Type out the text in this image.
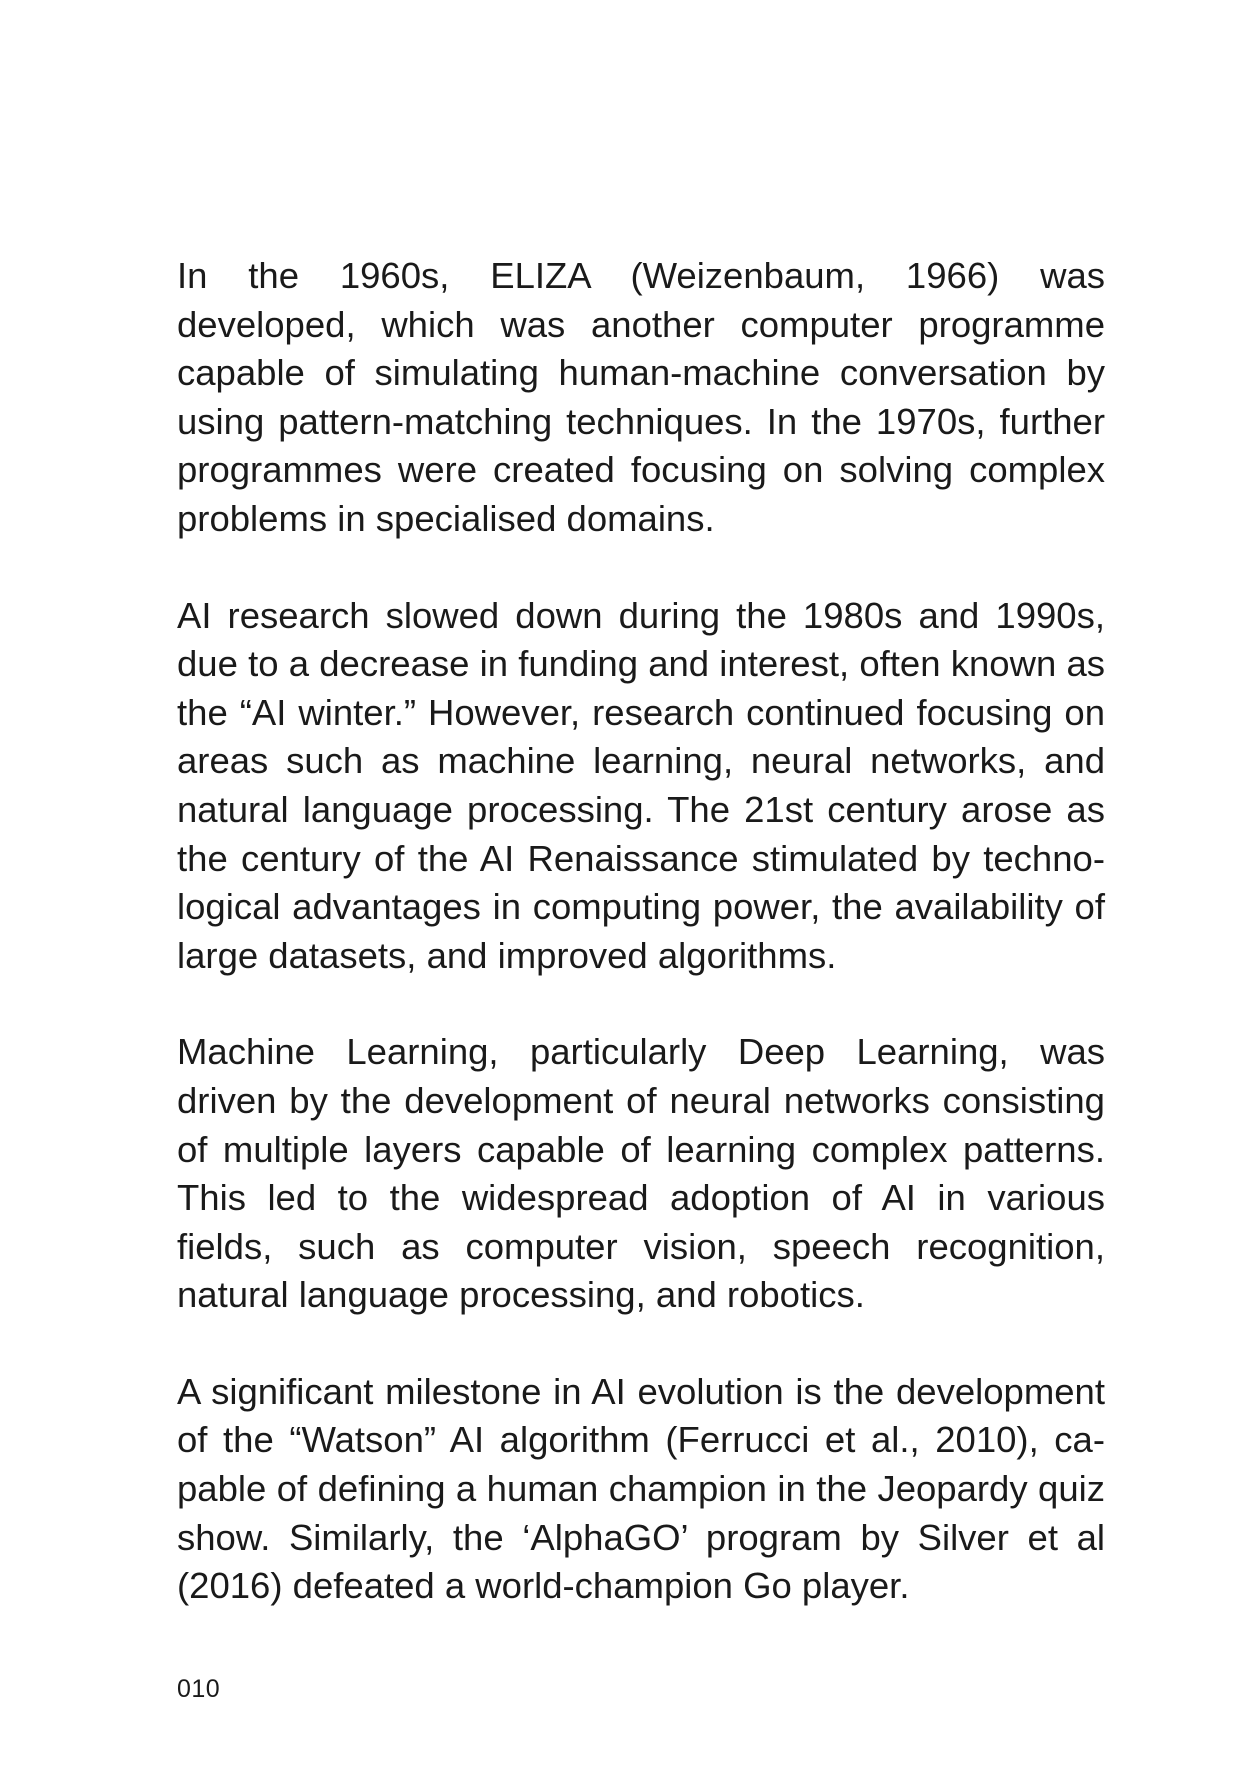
In the 1960s, ELIZA (Weizenbaum, 1966) was developed, which was another computer programme capable of simulating human-machine conversation by using pattern-matching techniques. In the 1970s, further programmes were created focusing on solving complex problems in specialised domains.

AI research slowed down during the 1980s and 1990s, due to a decrease in funding and interest, often known as the “AI winter.” However, research continued focusing on areas such as machine learning, neural networks, and natural language processing. The 21st century arose as the century of the AI Renaissance stimulated by technological advantages in computing power, the availability of large datasets, and improved algorithms.

Machine Learning, particularly Deep Learning, was driven by the development of neural networks consisting of multiple layers capable of learning complex patterns. This led to the widespread adoption of AI in various fields, such as computer vision, speech recognition, natural language processing, and robotics.

A significant milestone in AI evolution is the development of the “Watson” AI algorithm (Ferrucci et al., 2010), capable of defining a human champion in the Jeopardy quiz show. Similarly, the ‘AlphaGO’ program by Silver et al (2016) defeated a world-champion Go player.

010
